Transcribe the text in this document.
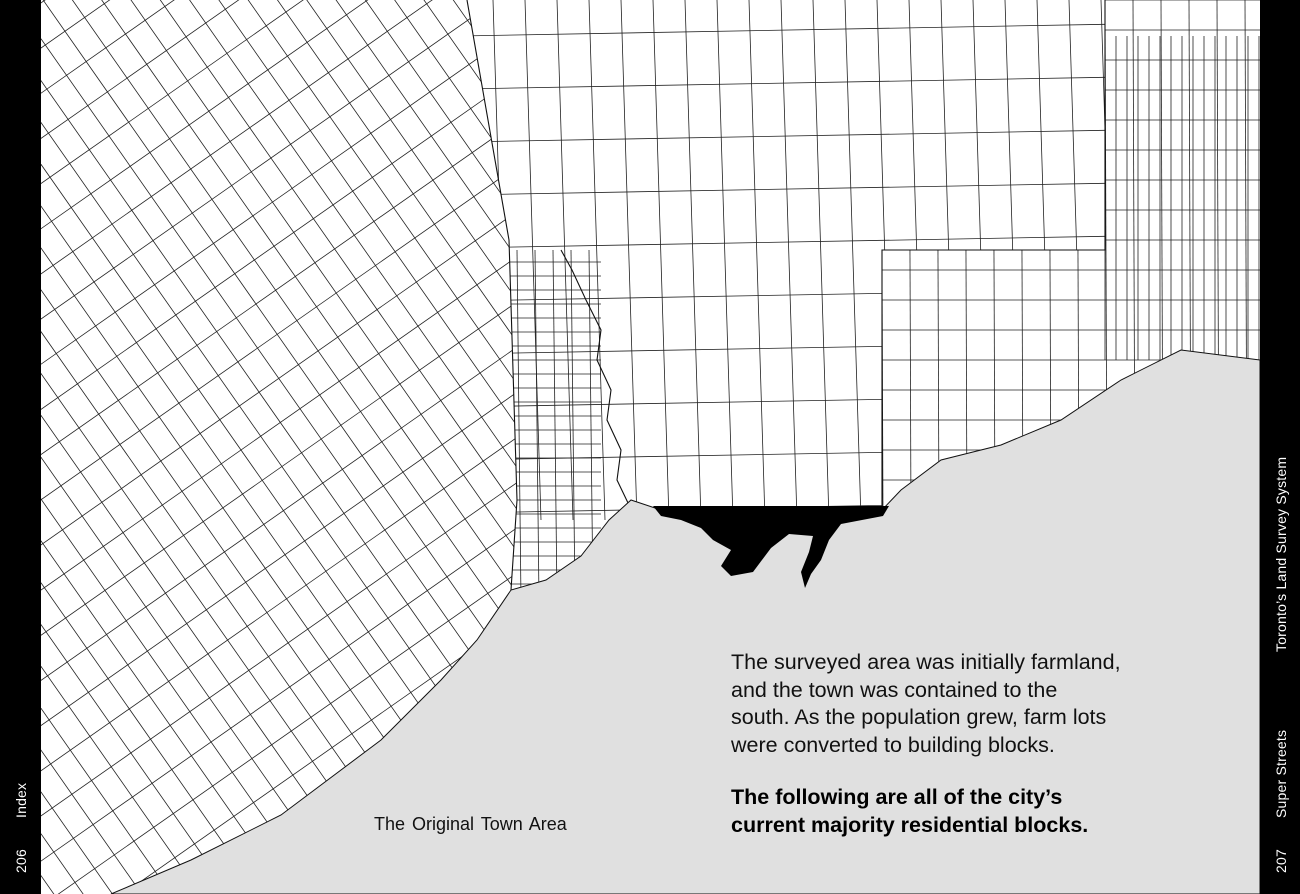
206
Index
The Original Town Area

The surveyed area was initially farmland,

and the town was contained to the

south. As the population grew, farm lots

were converted to building blocks.

The following are all of the city’s

current majority residential blocks.

207
Super Streets
Toronto’s Land Survey System
